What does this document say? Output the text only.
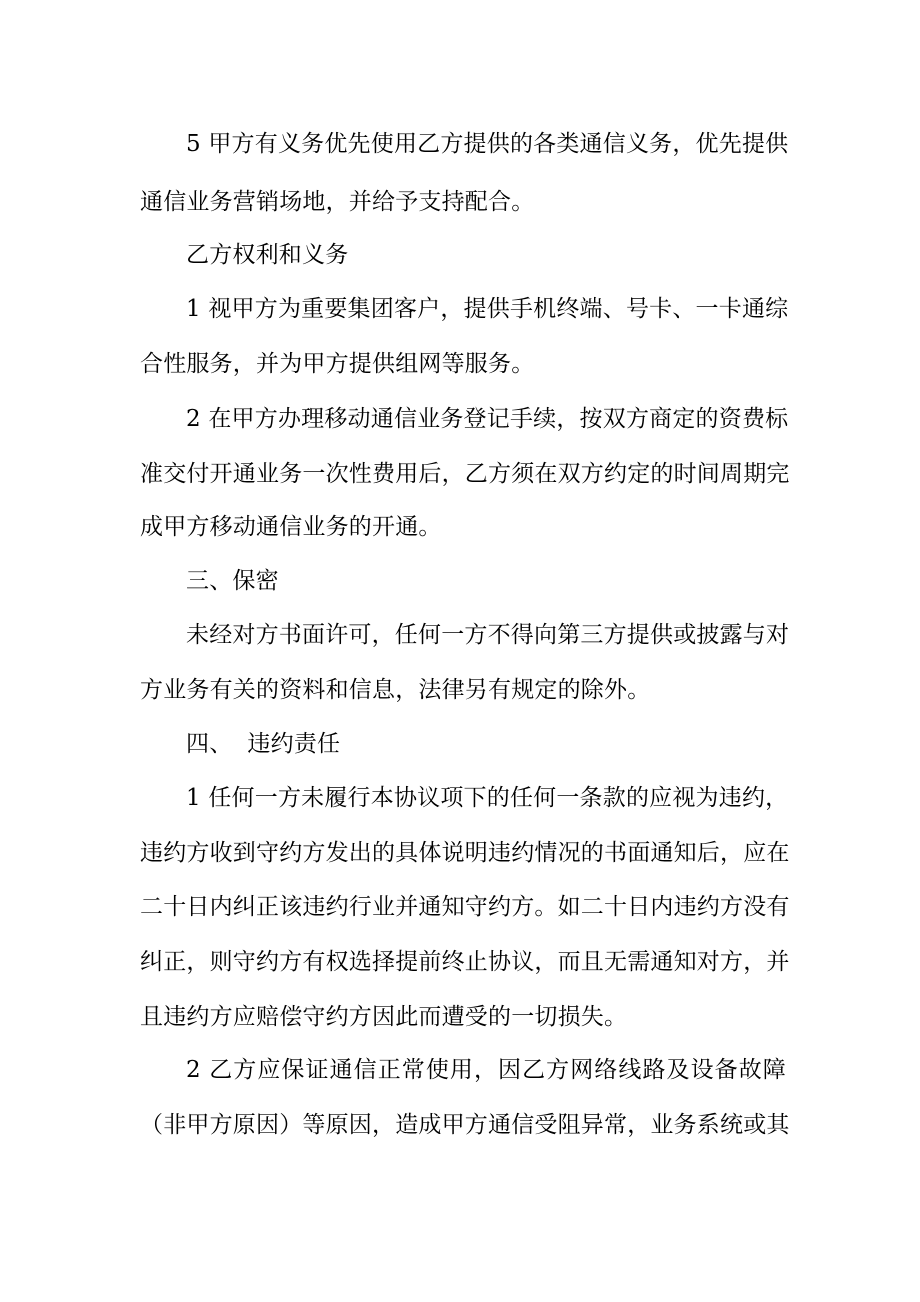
5 甲方有义务优先使用乙方提供的各类通信义务，优先提供
通信业务营销场地，并给予支持配合。
乙方权利和义务
1 视甲方为重要集团客户，提供手机终端、号卡、一卡通综
合性服务，并为甲方提供组网等服务。
2 在甲方办理移动通信业务登记手续，按双方商定的资费标
准交付开通业务一次性费用后，乙方须在双方约定的时间周期完
成甲方移动通信业务的开通。
三、保密
未经对方书面许可，任何一方不得向第三方提供或披露与对
方业务有关的资料和信息，法律另有规定的除外。
四、  违约责任
1 任何一方未履行本协议项下的任何一条款的应视为违约，
违约方收到守约方发出的具体说明违约情况的书面通知后，应在
二十日内纠正该违约行业并通知守约方。如二十日内违约方没有
纠正，则守约方有权选择提前终止协议，而且无需通知对方，并
且违约方应赔偿守约方因此而遭受的一切损失。
2 乙方应保证通信正常使用，因乙方网络线路及设备故障
（非甲方原因）等原因，造成甲方通信受阻异常，业务系统或其
